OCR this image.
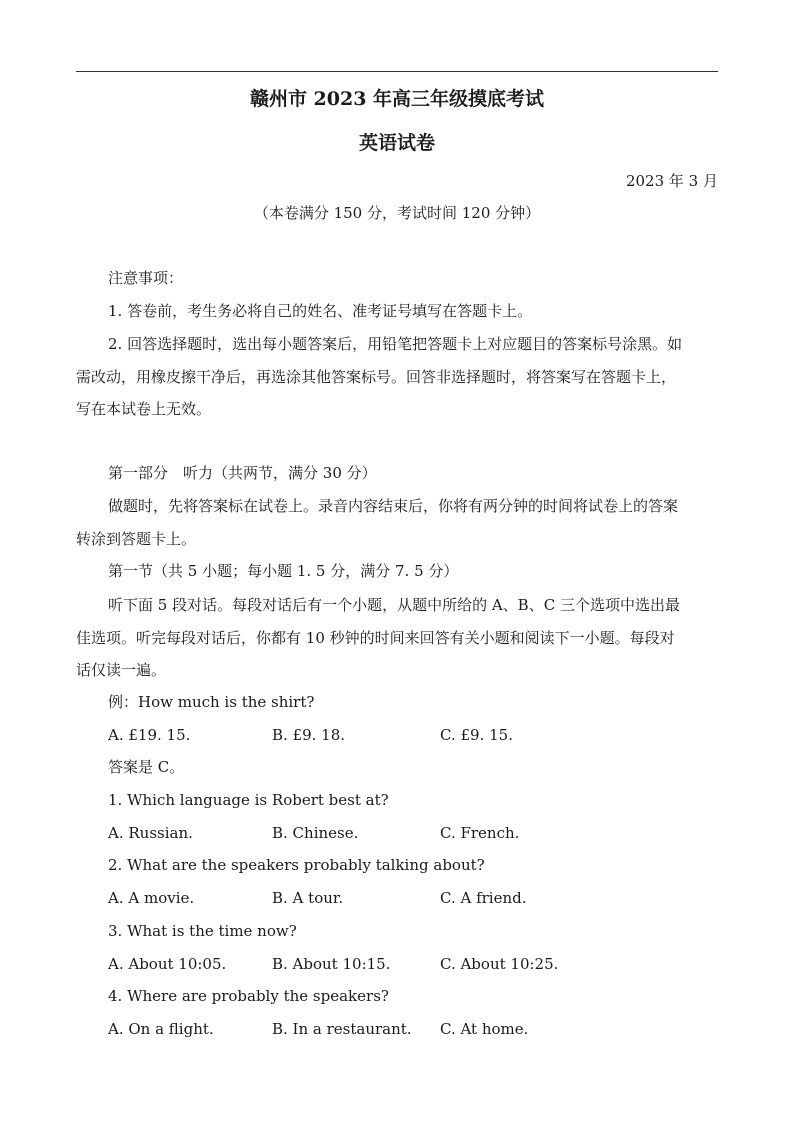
赣州市 2023 年高三年级摸底考试
英语试卷
2023 年 3 月
（本卷满分 150 分，考试时间 120 分钟）
注意事项：
1. 答卷前，考生务必将自己的姓名、准考证号填写在答题卡上。
2. 回答选择题时，选出每小题答案后，用铅笔把答题卡上对应题目的答案标号涂黑。如
需改动，用橡皮擦干净后，再选涂其他答案标号。回答非选择题时，将答案写在答题卡上，
写在本试卷上无效。
第一部分　听力（共两节，满分 30 分）
做题时，先将答案标在试卷上。录音内容结束后，你将有两分钟的时间将试卷上的答案
转涂到答题卡上。
第一节（共 5 小题；每小题 1. 5 分，满分 7. 5 分）
听下面 5 段对话。每段对话后有一个小题，从题中所给的 A、B、C 三个选项中选出最
佳选项。听完每段对话后，你都有 10 秒钟的时间来回答有关小题和阅读下一小题。每段对
话仅读一遍。
例：How much is the shirt?
A. £19. 15.	B. £9. 18.	C. £9. 15.
答案是 C。
1. Which language is Robert best at?
A. Russian.	B. Chinese.	C. French.
2. What are the speakers probably talking about?
A. A movie.	B. A tour.	C. A friend.
3. What is the time now?
A. About 10:05.	B. About 10:15.	C. About 10:25.
4. Where are probably the speakers?
A. On a flight.	B. In a restaurant. C. At home.
